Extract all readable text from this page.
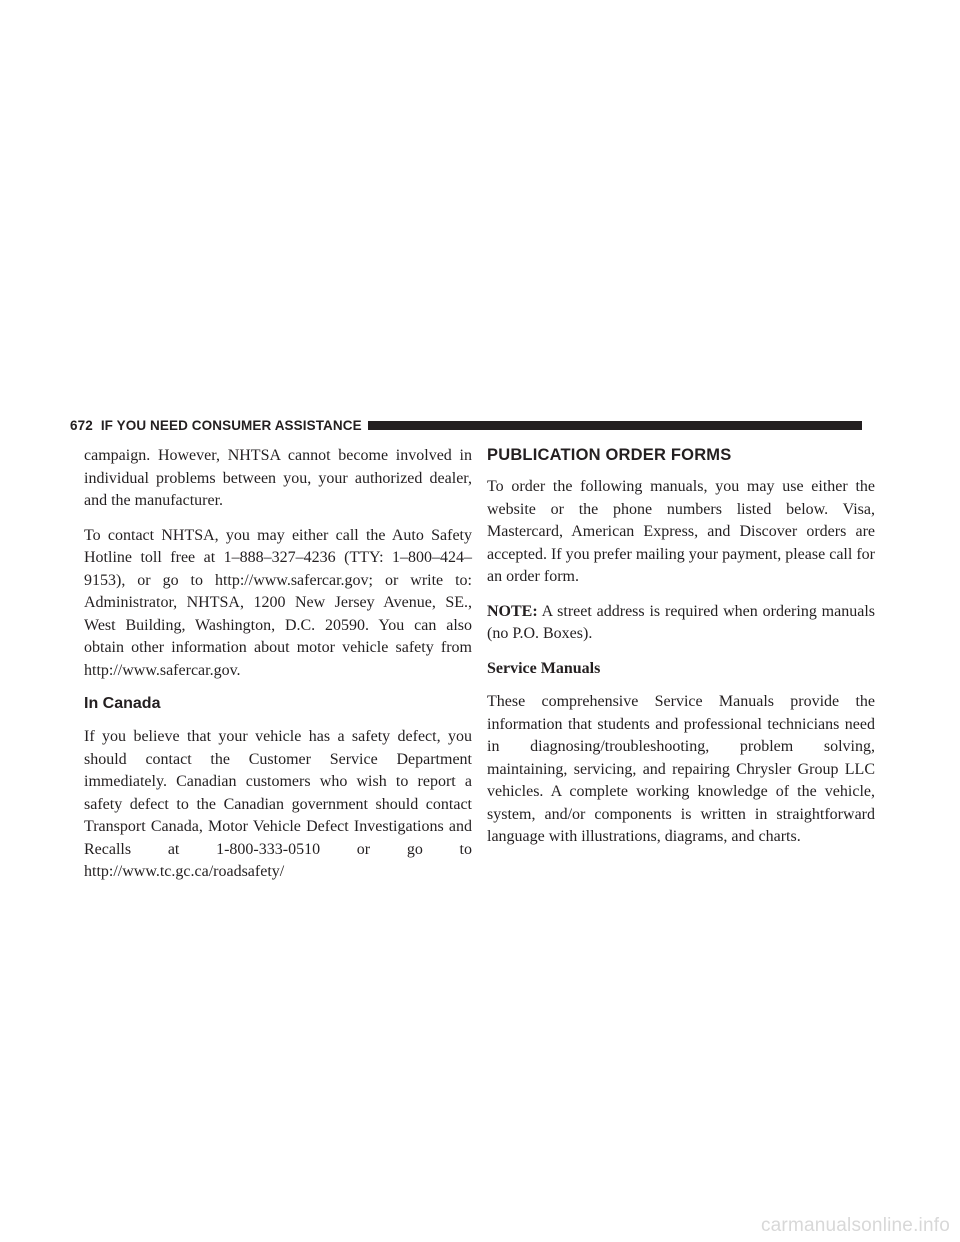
672 IF YOU NEED CONSUMER ASSISTANCE

campaign. However, NHTSA cannot become involved in individual problems between you, your authorized dealer, and the manufacturer.

To contact NHTSA, you may either call the Auto Safety Hotline toll free at 1–888–327–4236 (TTY: 1–800–424–9153), or go to http://www.safercar.gov; or write to: Administrator, NHTSA, 1200 New Jersey Avenue, SE., West Building, Washington, D.C. 20590. You can also obtain other information about motor vehicle safety from http://www.safercar.gov.

In Canada

If you believe that your vehicle has a safety defect, you should contact the Customer Service Department immediately. Canadian customers who wish to report a safety defect to the Canadian government should contact Transport Canada, Motor Vehicle Defect Investigations and Recalls at 1-800-333-0510 or go to http://www.tc.gc.ca/roadsafety/

PUBLICATION ORDER FORMS

To order the following manuals, you may use either the website or the phone numbers listed below. Visa, Mastercard, American Express, and Discover orders are accepted. If you prefer mailing your payment, please call for an order form.

NOTE: A street address is required when ordering manuals (no P.O. Boxes).

Service Manuals

These comprehensive Service Manuals provide the information that students and professional technicians need in diagnosing/troubleshooting, problem solving, maintaining, servicing, and repairing Chrysler Group LLC vehicles. A complete working knowledge of the vehicle, system, and/or components is written in straightforward language with illustrations, diagrams, and charts.

carmanualsonline.info
